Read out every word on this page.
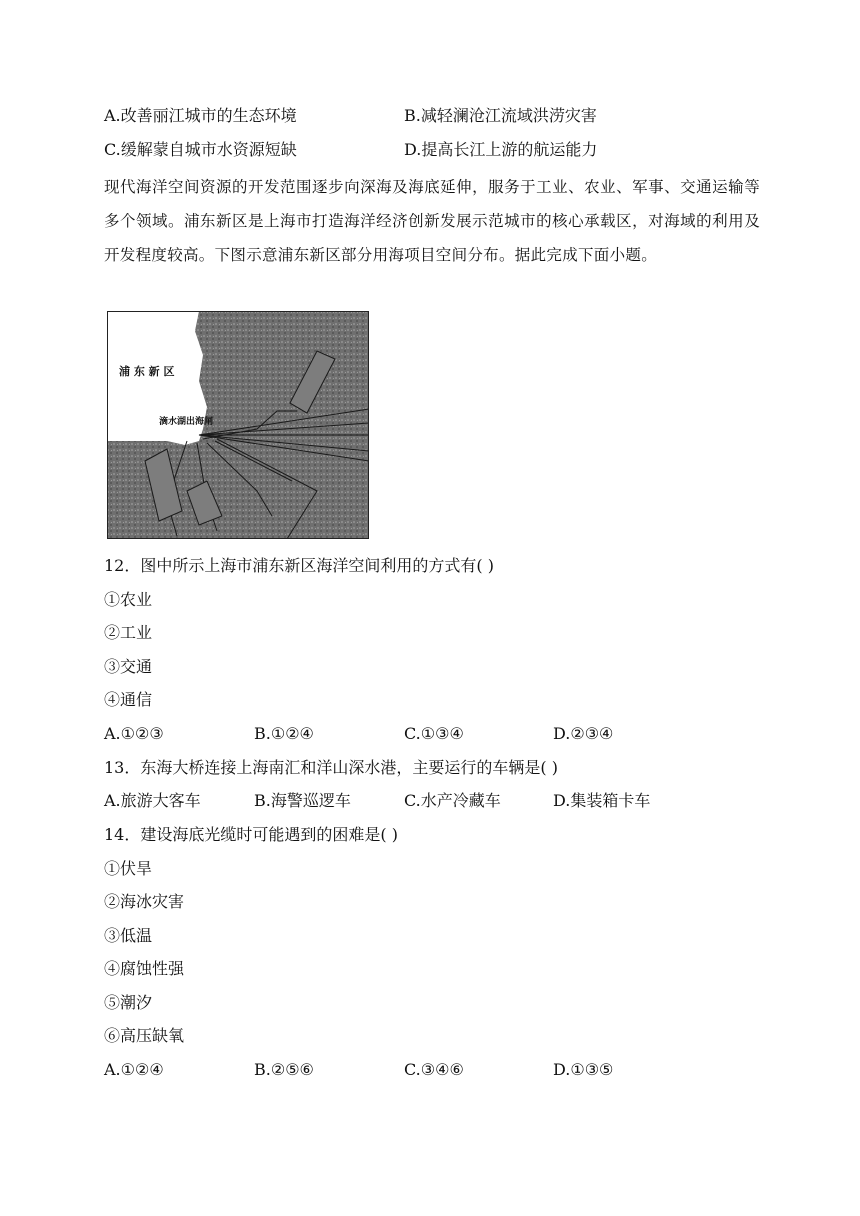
A.改善丽江城市的生态环境	B.减轻澜沧江流域洪涝灾害
C.缓解蒙自城市水资源短缺	D.提高长江上游的航运能力
现代海洋空间资源的开发范围逐步向深海及海底延伸，服务于工业、农业、军事、交通运输等多个领域。浦东新区是上海市打造海洋经济创新发展示范城市的核心承载区，对海域的利用及开发程度较高。下图示意浦东新区部分用海项目空间分布。据此完成下面小题。
浦 东 新 区
滴水湖出海闸
12．图中所示上海市浦东新区海洋空间利用的方式有( )
①农业
②工业
③交通
④通信
A.①②③	B.①②④	C.①③④	D.②③④
13．东海大桥连接上海南汇和洋山深水港，主要运行的车辆是( )
A.旅游大客车	B.海警巡逻车	C.水产冷藏车	D.集装箱卡车
14．建设海底光缆时可能遇到的困难是( )
①伏旱
②海冰灾害
③低温
④腐蚀性强
⑤潮汐
⑥高压缺氧
A.①②④	B.②⑤⑥	C.③④⑥	D.①③⑤
